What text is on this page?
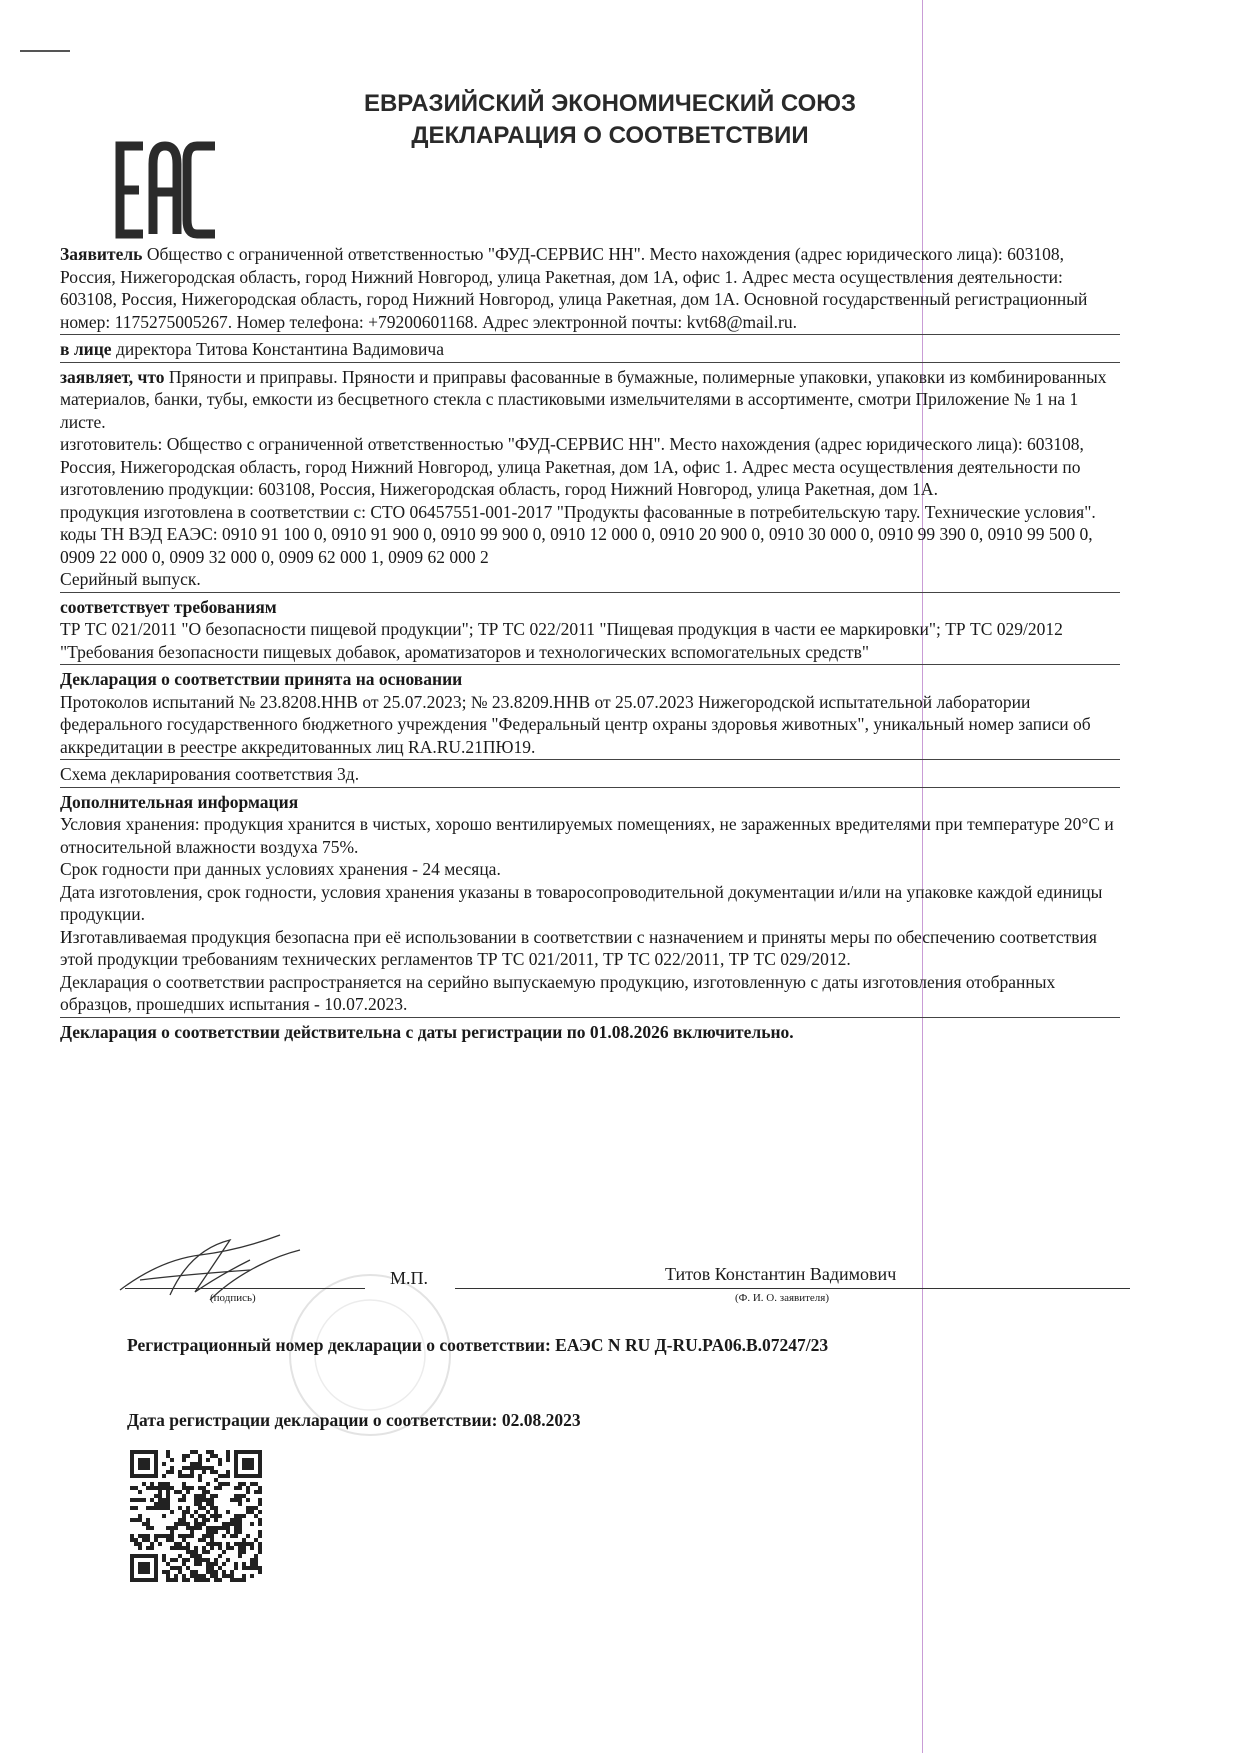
ЕВРАЗИЙСКИЙ ЭКОНОМИЧЕСКИЙ СОЮЗ
ДЕКЛАРАЦИЯ О СООТВЕТСТВИИ

Заявитель Общество с ограниченной ответственностью "ФУД-СЕРВИС НН". Место нахождения (адрес юридического лица): 603108, Россия, Нижегородская область, город Нижний Новгород, улица Ракетная, дом 1А, офис 1. Адрес места осуществления деятельности: 603108, Россия, Нижегородская область, город Нижний Новгород, улица Ракетная, дом 1А. Основной государственный регистрационный номер: 1175275005267. Номер телефона: +79200601168. Адрес электронной почты: kvt68@mail.ru.

в лице директора Титова Константина Вадимовича

заявляет, что Пряности и приправы. Пряности и приправы фасованные в бумажные, полимерные упаковки, упаковки из комбинированных материалов, банки, тубы, емкости из бесцветного стекла с пластиковыми измельчителями в ассортименте, смотри Приложение № 1 на 1 листе.

изготовитель: Общество с ограниченной ответственностью "ФУД-СЕРВИС НН". Место нахождения (адрес юридического лица): 603108, Россия, Нижегородская область, город Нижний Новгород, улица Ракетная, дом 1А, офис 1. Адрес места осуществления деятельности по изготовлению продукции: 603108, Россия, Нижегородская область, город Нижний Новгород, улица Ракетная, дом 1А.

продукция изготовлена в соответствии с: СТО 06457551-001-2017 "Продукты фасованные в потребительскую тару. Технические условия".

коды ТН ВЭД ЕАЭС: 0910 91 100 0, 0910 91 900 0, 0910 99 900 0, 0910 12 000 0, 0910 20 900 0, 0910 30 000 0, 0910 99 390 0, 0910 99 500 0, 0909 22 000 0, 0909 32 000 0, 0909 62 000 1, 0909 62 000 2

Серийный выпуск.

соответствует требованиям

ТР ТС 021/2011 "О безопасности пищевой продукции"; ТР ТС 022/2011 "Пищевая продукция в части ее маркировки"; ТР ТС 029/2012 "Требования безопасности пищевых добавок, ароматизаторов и технологических вспомогательных средств"

Декларация о соответствии принята на основании

Протоколов испытаний № 23.8208.ННВ от 25.07.2023; № 23.8209.ННВ от 25.07.2023 Нижегородской испытательной лаборатории федерального государственного бюджетного учреждения "Федеральный центр охраны здоровья животных", уникальный номер записи об аккредитации в реестре аккредитованных лиц RA.RU.21ПЮ19.

Схема декларирования соответствия 3д.

Дополнительная информация

Условия хранения: продукция хранится в чистых, хорошо вентилируемых помещениях, не зараженных вредителями при температуре 20°С и относительной влажности воздуха 75%.

Срок годности при данных условиях хранения - 24 месяца.

Дата изготовления, срок годности, условия хранения указаны в товаросопроводительной документации и/или на упаковке каждой единицы продукции.

Изготавливаемая продукция безопасна при её использовании в соответствии с назначением и приняты меры по обеспечению соответствия этой продукции требованиям технических регламентов ТР ТС 021/2011, ТР ТС 022/2011, ТР ТС 029/2012.

Декларация о соответствии распространяется на серийно выпускаемую продукцию, изготовленную с даты изготовления отобранных образцов, прошедших испытания - 10.07.2023.

Декларация о соответствии действительна с даты регистрации по 01.08.2026 включительно.

(подпись)
М.П.	Титов Константин Вадимович
(Ф. И. О. заявителя)
Регистрационный номер декларации о соответствии: ЕАЭС N RU Д-RU.PA06.B.07247/23
Дата регистрации декларации о соответствии: 02.08.2023
